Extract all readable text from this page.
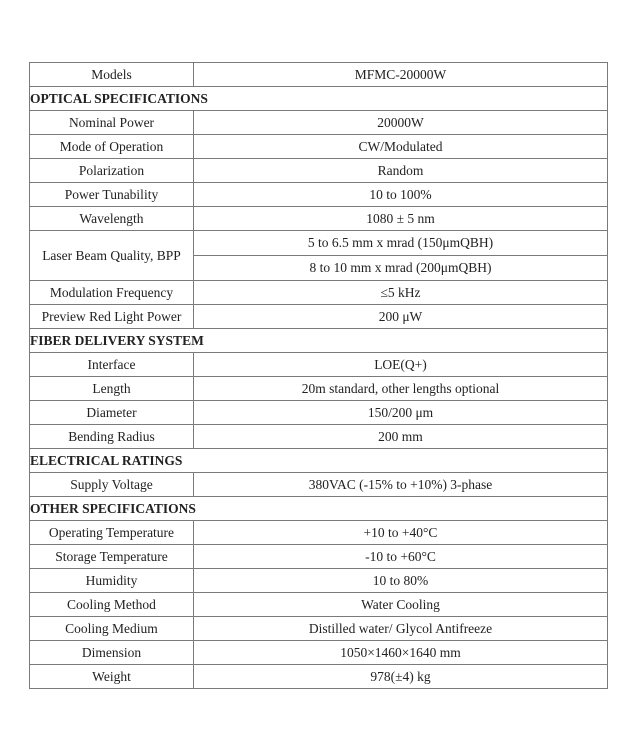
Models	MFMC-20000W
OPTICAL SPECIFICATIONS	
Nominal Power	20000W
Mode of Operation	CW/Modulated
Polarization	Random
Power Tunability	10 to 100%
Wavelength	1080 ± 5 nm
Laser Beam Quality, BPP	5 to 6.5 mm x mrad (150μmQBH)
	8 to 10 mm x mrad (200μmQBH)
Modulation Frequency	≤5 kHz
Preview Red Light Power	200 μW
FIBER DELIVERY SYSTEM	
Interface	LOE(Q+)
Length	20m standard, other lengths optional
Diameter	150/200 μm
Bending Radius	200 mm
ELECTRICAL RATINGS	
Supply Voltage	380VAC (-15% to +10%) 3-phase
OTHER SPECIFICATIONS	
Operating Temperature	+10 to +40°C
Storage Temperature	-10 to +60°C
Humidity	10 to 80%
Cooling Method	Water Cooling
Cooling Medium	Distilled water/ Glycol Antifreeze
Dimension	1050×1460×1640 mm
Weight	978(±4) kg
